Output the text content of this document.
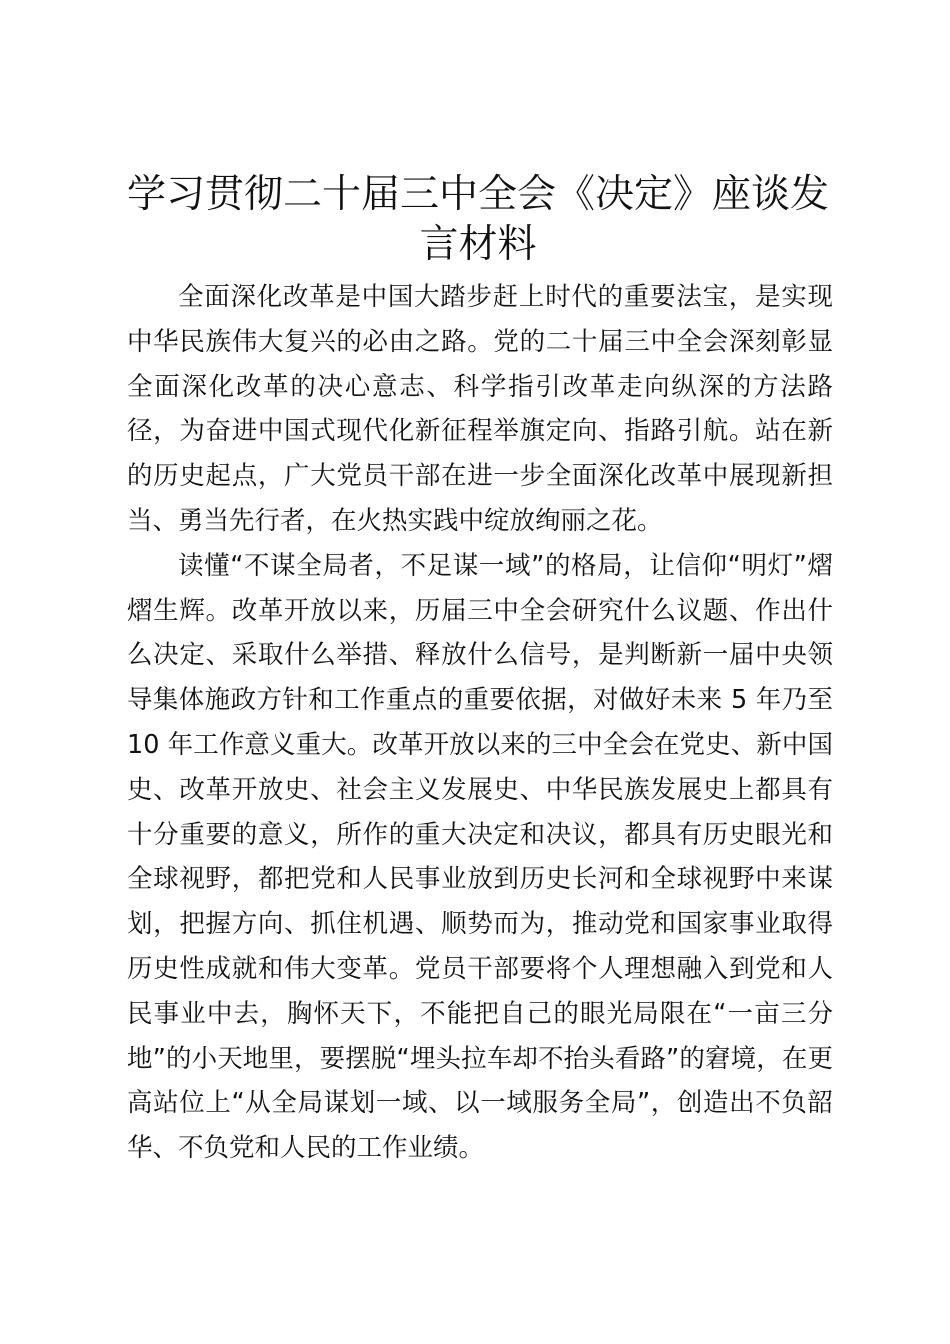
学习贯彻二十届三中全会《决定》座谈发言材料

全面深化改革是中国大踏步赶上时代的重要法宝，是实现中华民族伟大复兴的必由之路。党的二十届三中全会深刻彰显全面深化改革的决心意志、科学指引改革走向纵深的方法路径，为奋进中国式现代化新征程举旗定向、指路引航。站在新的历史起点，广大党员干部在进一步全面深化改革中展现新担当、勇当先行者，在火热实践中绽放绚丽之花。

读懂“不谋全局者，不足谋一域”的格局，让信仰“明灯”熠熠生辉。改革开放以来，历届三中全会研究什么议题、作出什么决定、采取什么举措、释放什么信号，是判断新一届中央领导集体施政方针和工作重点的重要依据，对做好未来 5 年乃至 10 年工作意义重大。改革开放以来的三中全会在党史、新中国史、改革开放史、社会主义发展史、中华民族发展史上都具有十分重要的意义，所作的重大决定和决议，都具有历史眼光和全球视野，都把党和人民事业放到历史长河和全球视野中来谋划，把握方向、抓住机遇、顺势而为，推动党和国家事业取得历史性成就和伟大变革。党员干部要将个人理想融入到党和人民事业中去，胸怀天下，不能把自己的眼光局限在“一亩三分地”的小天地里，要摆脱“埋头拉车却不抬头看路”的窘境，在更高站位上“从全局谋划一域、以一域服务全局”，创造出不负韶华、不负党和人民的工作业绩。
